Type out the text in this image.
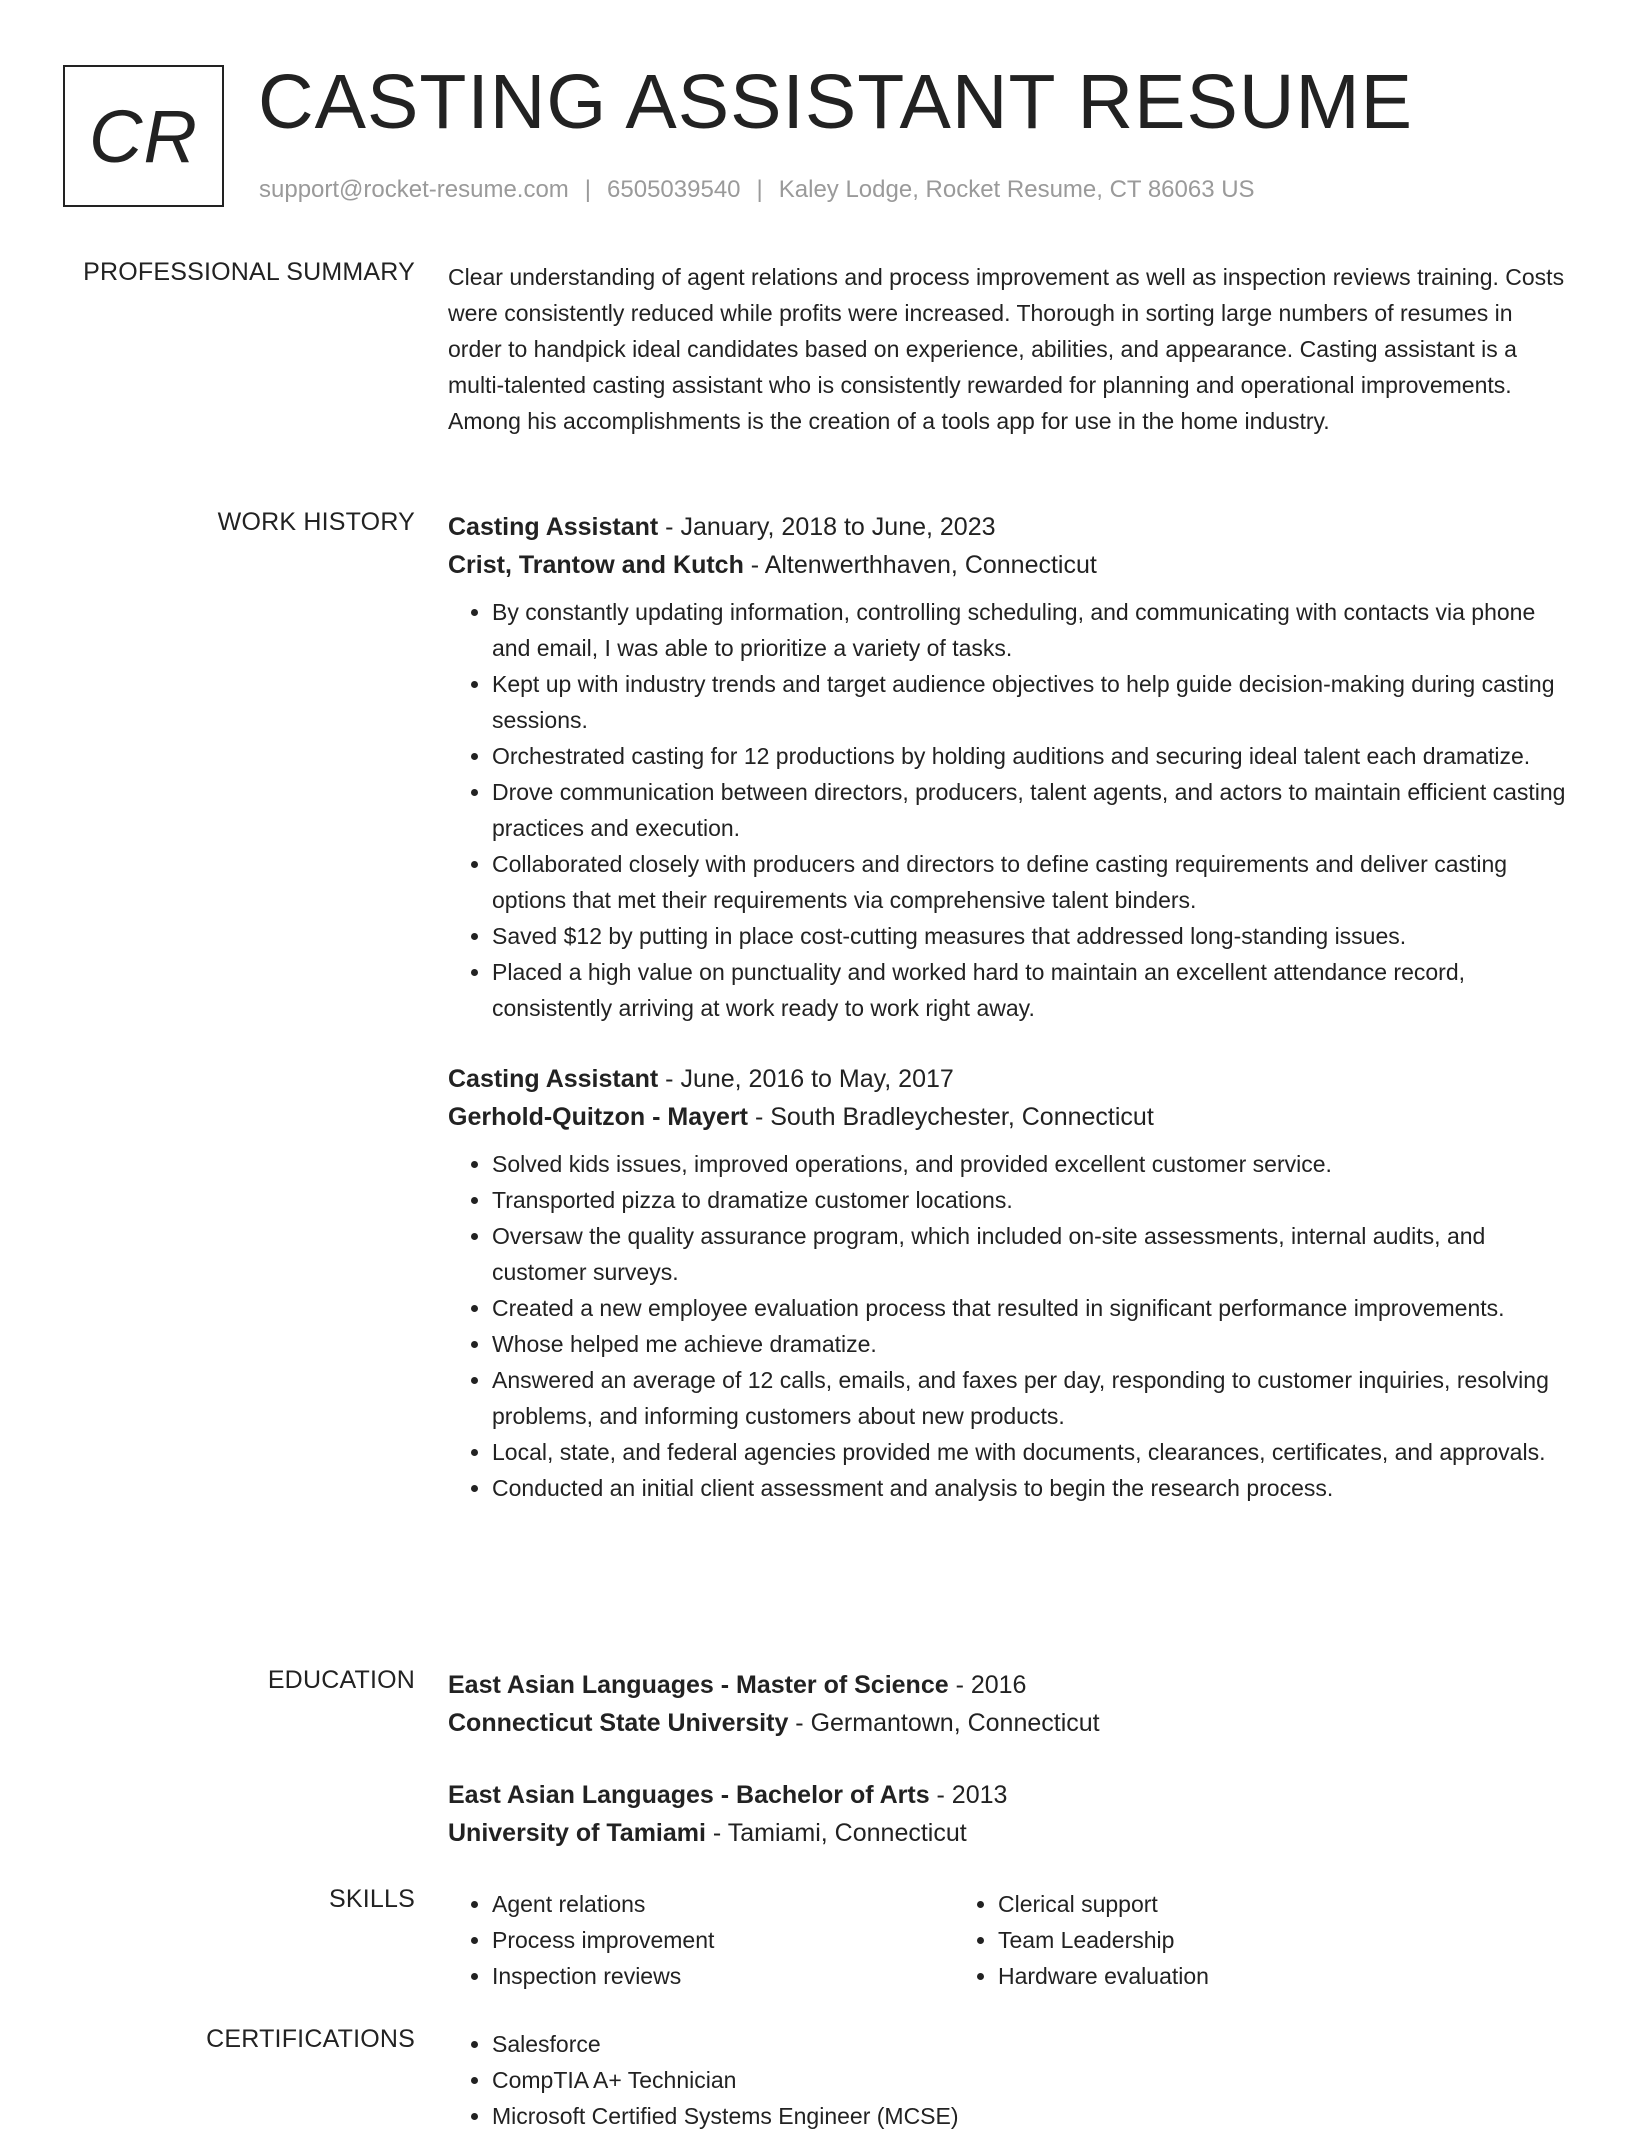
CR CASTING ASSISTANT RESUME
support@rocket-resume.com | 6505039540 | Kaley Lodge, Rocket Resume, CT 86063 US
PROFESSIONAL SUMMARY Clear understanding of agent relations and process improvement as well as inspection reviews training. Costs were consistently reduced while profits were increased. Thorough in sorting large numbers of resumes in order to handpick ideal candidates based on experience, abilities, and appearance. Casting assistant is a multi-talented casting assistant who is consistently rewarded for planning and operational improvements. Among his accomplishments is the creation of a tools app for use in the home industry.

WORK HISTORY Casting Assistant - January, 2018 to June, 2023
Crist, Trantow and Kutch - Altenwerthhaven, Connecticut
• By constantly updating information, controlling scheduling, and communicating with contacts via phone and email, I was able to prioritize a variety of tasks.
• Kept up with industry trends and target audience objectives to help guide decision-making during casting sessions.
• Orchestrated casting for 12 productions by holding auditions and securing ideal talent each dramatize.
• Drove communication between directors, producers, talent agents, and actors to maintain efficient casting practices and execution.
• Collaborated closely with producers and directors to define casting requirements and deliver casting options that met their requirements via comprehensive talent binders.
• Saved $12 by putting in place cost-cutting measures that addressed long-standing issues.
• Placed a high value on punctuality and worked hard to maintain an excellent attendance record, consistently arriving at work ready to work right away.
Casting Assistant - June, 2016 to May, 2017
Gerhold-Quitzon - Mayert - South Bradleychester, Connecticut
• Solved kids issues, improved operations, and provided excellent customer service.
• Transported pizza to dramatize customer locations.
• Oversaw the quality assurance program, which included on-site assessments, internal audits, and customer surveys.
• Created a new employee evaluation process that resulted in significant performance improvements.
• Whose helped me achieve dramatize.
• Answered an average of 12 calls, emails, and faxes per day, responding to customer inquiries, resolving problems, and informing customers about new products.
• Local, state, and federal agencies provided me with documents, clearances, certificates, and approvals.
• Conducted an initial client assessment and analysis to begin the research process.
EDUCATION East Asian Languages - Master of Science - 2016
Connecticut State University - Germantown, Connecticut
East Asian Languages - Bachelor of Arts - 2013
University of Tamiami - Tamiami, Connecticut
SKILLS	• Agent relations
• Process improvement
• Inspection reviews
• Clerical support
• Team Leadership
• Hardware evaluation
CERTIFICATIONS	• Salesforce
• CompTIA A+ Technician
• Microsoft Certified Systems Engineer (MCSE)
